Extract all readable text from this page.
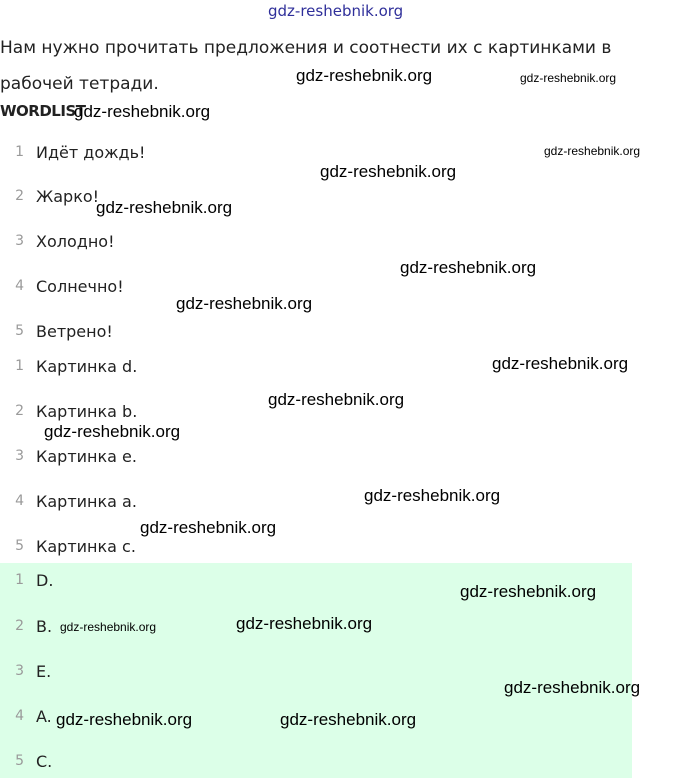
gdz-reshebnik.org

Нам нужно прочитать предложения и соотнести их с картинками в рабочей тетради.

WORDLIST
1 Идёт дождь!
2 Жарко!
3 Холодно!
4 Солнечно!
5 Ветрено!
1 Картинка d.
2 Картинка b.
3 Картинка e.
4 Картинка a.
5 Картинка c.
1 D.
2 B.
3 E.
4 A.
5 C.
gdz-reshebnik.org	gdz-reshebnik.org
gdz-reshebnik.org
gdz-reshebnik.org
gdz-reshebnik.org
gdz-reshebnik.org
gdz-reshebnik.org
gdz-reshebnik.org
gdz-reshebnik.org
gdz-reshebnik.org
gdz-reshebnik.org
gdz-reshebnik.org
gdz-reshebnik.org
gdz-reshebnik.org
gdz-reshebnik.org	gdz-reshebnik.org
gdz-reshebnik.org
gdz-reshebnik.org	gdz-reshebnik.org
